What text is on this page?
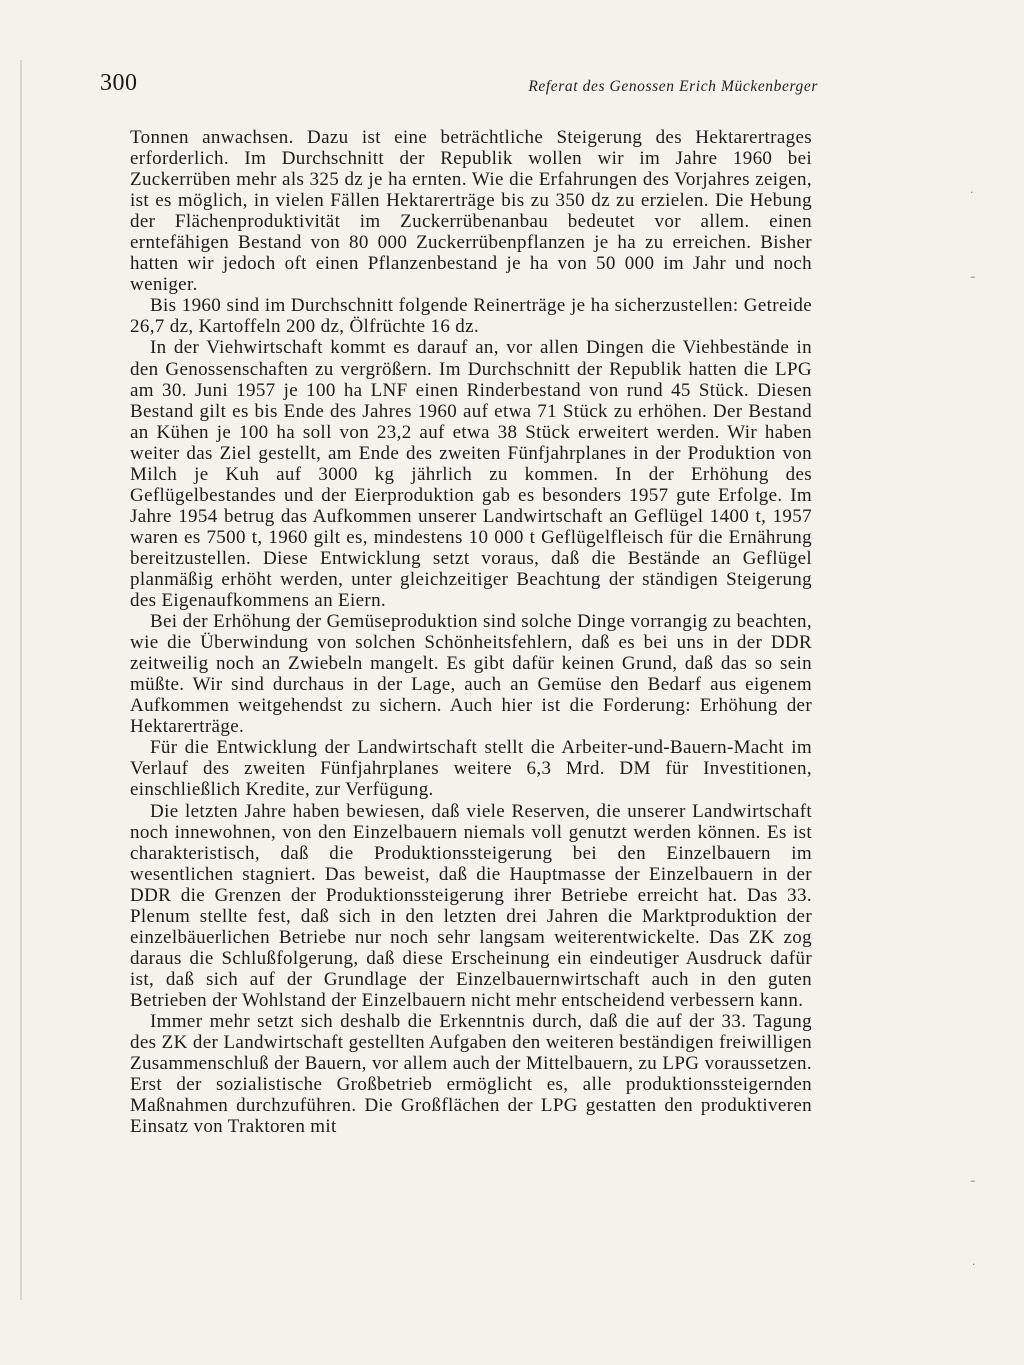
300	Referat des Genossen Erich Mückenberger

Tonnen anwachsen. Dazu ist eine beträchtliche Steigerung des Hektarertrages erforderlich. Im Durchschnitt der Republik wollen wir im Jahre 1960 bei Zuckerrüben mehr als 325 dz je ha ernten. Wie die Erfahrungen des Vorjahres zeigen, ist es möglich, in vielen Fällen Hektarerträge bis zu 350 dz zu erzielen. Die Hebung der Flächenproduktivität im Zuckerrübenanbau bedeutet vor allem. einen erntefähigen Bestand von 80 000 Zuckerrübenpflanzen je ha zu erreichen. Bisher hatten wir jedoch oft einen Pflanzenbestand je ha von 50 000 im Jahr und noch weniger.

Bis 1960 sind im Durchschnitt folgende Reinerträge je ha sicherzustellen: Getreide 26,7 dz, Kartoffeln 200 dz, Ölfrüchte 16 dz.

In der Viehwirtschaft kommt es darauf an, vor allen Dingen die Viehbestände in den Genossenschaften zu vergrößern. Im Durchschnitt der Republik hatten die LPG am 30. Juni 1957 je 100 ha LNF einen Rinderbestand von rund 45 Stück. Diesen Bestand gilt es bis Ende des Jahres 1960 auf etwa 71 Stück zu erhöhen. Der Bestand an Kühen je 100 ha soll von 23,2 auf etwa 38 Stück erweitert werden. Wir haben weiter das Ziel gestellt, am Ende des zweiten Fünfjahrplanes in der Produktion von Milch je Kuh auf 3000 kg jährlich zu kommen. In der Erhöhung des Geflügelbestandes und der Eierproduktion gab es besonders 1957 gute Erfolge. Im Jahre 1954 betrug das Aufkommen unserer Landwirtschaft an Geflügel 1400 t, 1957 waren es 7500 t, 1960 gilt es, mindestens 10 000 t Geflügelfleisch für die Ernährung bereitzustellen. Diese Entwicklung setzt voraus, daß die Bestände an Geflügel planmäßig erhöht werden, unter gleichzeitiger Beachtung der ständigen Steigerung des Eigenaufkommens an Eiern.

Bei der Erhöhung der Gemüseproduktion sind solche Dinge vorrangig zu beachten, wie die Überwindung von solchen Schönheitsfehlern, daß es bei uns in der DDR zeitweilig noch an Zwiebeln mangelt. Es gibt dafür keinen Grund, daß das so sein müßte. Wir sind durchaus in der Lage, auch an Gemüse den Bedarf aus eigenem Aufkommen weitgehendst zu sichern. Auch hier ist die Forderung: Erhöhung der Hektarerträge.

Für die Entwicklung der Landwirtschaft stellt die Arbeiter-und-Bauern-Macht im Verlauf des zweiten Fünfjahrplanes weitere 6,3 Mrd. DM für Investitionen, einschließlich Kredite, zur Verfügung.

Die letzten Jahre haben bewiesen, daß viele Reserven, die unserer Landwirtschaft noch innewohnen, von den Einzelbauern niemals voll genutzt werden können. Es ist charakteristisch, daß die Produktionssteigerung bei den Einzelbauern im wesentlichen stagniert. Das beweist, daß die Hauptmasse der Einzelbauern in der DDR die Grenzen der Produktionssteigerung ihrer Betriebe erreicht hat. Das 33. Plenum stellte fest, daß sich in den letzten drei Jahren die Marktproduktion der einzelbäuerlichen Betriebe nur noch sehr langsam weiterentwickelte. Das ZK zog daraus die Schlußfolgerung, daß diese Erscheinung ein eindeutiger Ausdruck dafür ist, daß sich auf der Grundlage der Einzelbauernwirtschaft auch in den guten Betrieben der Wohlstand der Einzelbauern nicht mehr entscheidend verbessern kann.

Immer mehr setzt sich deshalb die Erkenntnis durch, daß die auf der 33. Tagung des ZK der Landwirtschaft gestellten Aufgaben den weiteren beständigen freiwilligen Zusammenschluß der Bauern, vor allem auch der Mittelbauern, zu LPG voraussetzen. Erst der sozialistische Großbetrieb ermöglicht es, alle produktionssteigernden Maßnahmen durchzuführen. Die Großflächen der LPG gestatten den produktiveren Einsatz von Traktoren mit

·
–
–
·
